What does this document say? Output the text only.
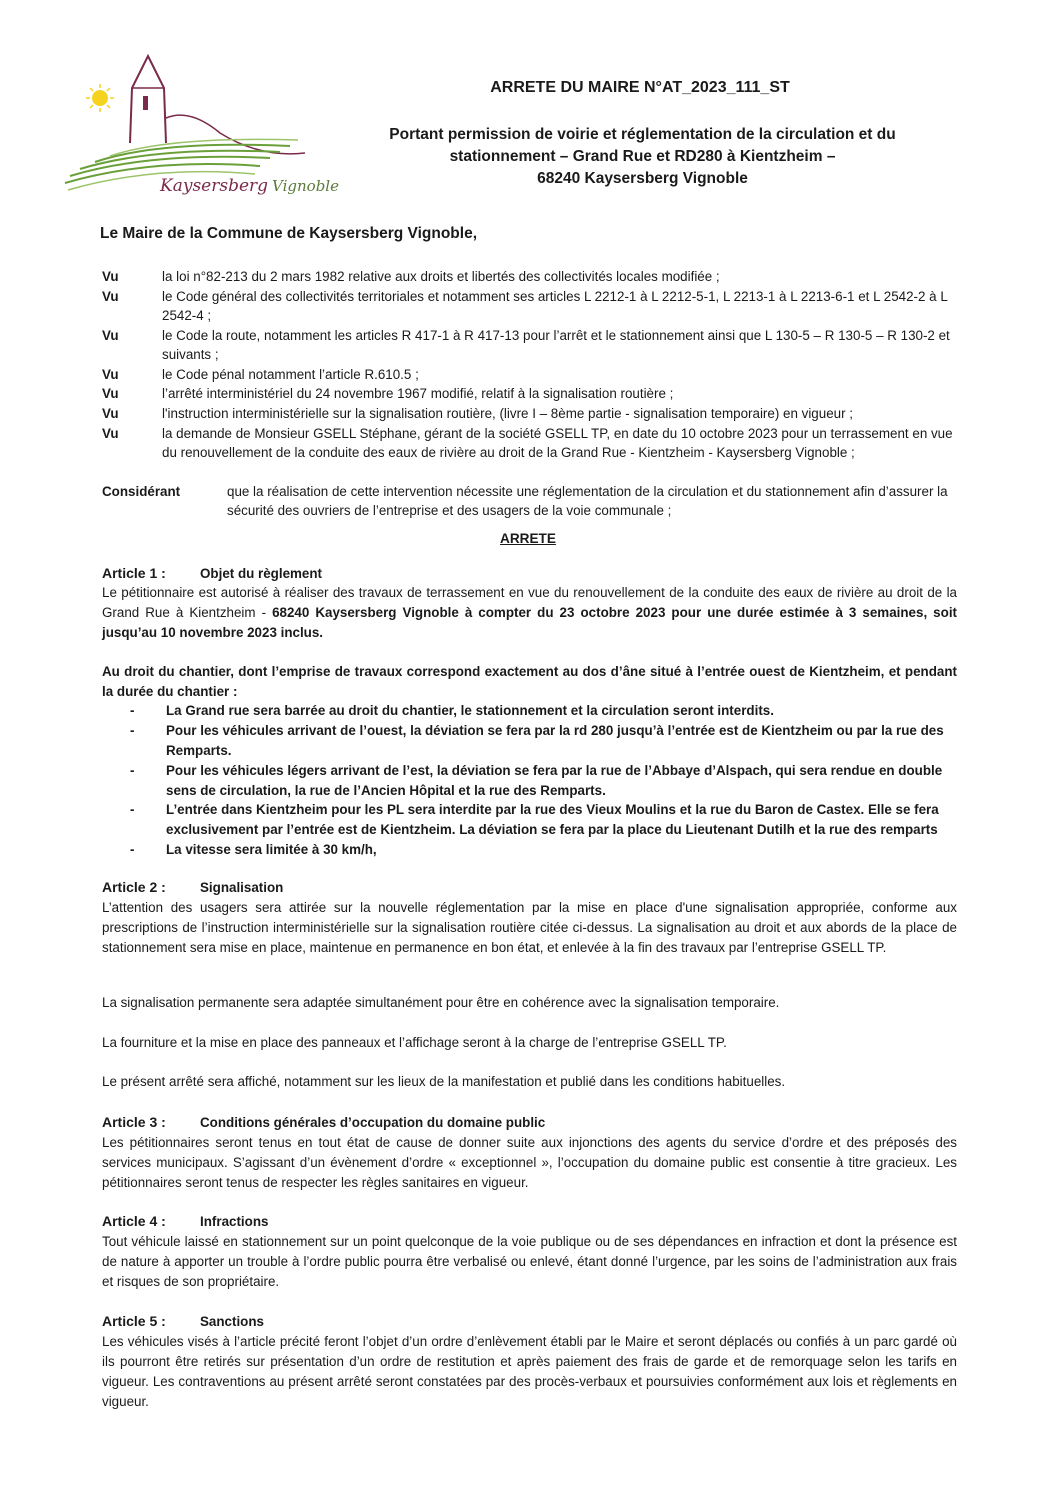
Kaysersberg Vignoble
ARRETE DU MAIRE N°AT_2023_111_ST
Portant permission de voirie et réglementation de la circulation et du
stationnement – Grand Rue et RD280 à Kientzheim –
68240 Kaysersberg Vignoble
Le Maire de la Commune de Kaysersberg Vignoble,
Vu	la loi n°82-213 du 2 mars 1982 relative aux droits et libertés des collectivités locales modifiée ;
Vu	le Code général des collectivités territoriales et notamment ses articles L 2212-1 à L 2212-5-1, L 2213-1 à L 2213-6-1 et L 2542-2 à L 2542-4 ;
Vu	le Code la route, notamment les articles R 417-1 à R 417-13 pour l’arrêt et le stationnement ainsi que L 130-5 – R 130-5 – R 130-2 et suivants ;
Vu	le Code pénal notamment l’article R.610.5 ;
Vu	l’arrêté interministériel du 24 novembre 1967 modifié, relatif à la signalisation routière ;
Vu	l'instruction interministérielle sur la signalisation routière, (livre I – 8ème partie - signalisation temporaire) en vigueur ;
Vu	la demande de Monsieur GSELL Stéphane, gérant de la société GSELL TP, en date du 10 octobre 2023 pour un terrassement en vue du renouvellement de la conduite des eaux de rivière au droit de la Grand Rue - Kientzheim - Kaysersberg Vignoble ;
Considérant	que la réalisation de cette intervention nécessite une réglementation de la circulation et du stationnement afin d’assurer la sécurité des ouvriers de l’entreprise et des usagers de la voie communale ;
ARRETE
Article 1 :	Objet du règlement
Le pétitionnaire est autorisé à réaliser des travaux de terrassement en vue du renouvellement de la conduite des eaux de rivière au droit de la Grand Rue à Kientzheim - 68240 Kaysersberg Vignoble à compter du 23 octobre 2023 pour une durée estimée à 3 semaines, soit jusqu’au 10 novembre 2023 inclus.
Au droit du chantier, dont l’emprise de travaux correspond exactement au dos d’âne situé à l’entrée ouest de Kientzheim, et pendant la durée du chantier :
- La Grand rue sera barrée au droit du chantier, le stationnement et la circulation seront interdits.
- Pour les véhicules arrivant de l’ouest, la déviation se fera par la rd 280 jusqu’à l’entrée est de Kientzheim ou par la rue des Remparts.
- Pour les véhicules légers arrivant de l’est, la déviation se fera par la rue de l’Abbaye d’Alspach, qui sera rendue en double sens de circulation, la rue de l’Ancien Hôpital et la rue des Remparts.
- L’entrée dans Kientzheim pour les PL sera interdite par la rue des Vieux Moulins et la rue du Baron de Castex. Elle se fera exclusivement par l’entrée est de Kientzheim. La déviation se fera par la place du Lieutenant Dutilh et la rue des remparts
- La vitesse sera limitée à 30 km/h,
Article 2 :	Signalisation
L’attention des usagers sera attirée sur la nouvelle réglementation par la mise en place d'une signalisation appropriée, conforme aux prescriptions de l’instruction interministérielle sur la signalisation routière citée ci-dessus. La signalisation au droit et aux abords de la place de stationnement sera mise en place, maintenue en permanence en bon état, et enlevée à la fin des travaux par l’entreprise GSELL TP.
La signalisation permanente sera adaptée simultanément pour être en cohérence avec la signalisation temporaire.
La fourniture et la mise en place des panneaux et l’affichage seront à la charge de l’entreprise GSELL TP.
Le présent arrêté sera affiché, notamment sur les lieux de la manifestation et publié dans les conditions habituelles.
Article 3 :	Conditions générales d’occupation du domaine public
Les pétitionnaires seront tenus en tout état de cause de donner suite aux injonctions des agents du service d’ordre et des préposés des services municipaux. S’agissant d’un évènement d’ordre « exceptionnel », l’occupation du domaine public est consentie à titre gracieux. Les pétitionnaires seront tenus de respecter les règles sanitaires en vigueur.
Article 4 :	Infractions
Tout véhicule laissé en stationnement sur un point quelconque de la voie publique ou de ses dépendances en infraction et dont la présence est de nature à apporter un trouble à l’ordre public pourra être verbalisé ou enlevé, étant donné l’urgence, par les soins de l’administration aux frais et risques de son propriétaire.
Article 5 :	Sanctions
Les véhicules visés à l’article précité feront l’objet d’un ordre d’enlèvement établi par le Maire et seront déplacés ou confiés à un parc gardé où ils pourront être retirés sur présentation d’un ordre de restitution et après paiement des frais de garde et de remorquage selon les tarifs en vigueur. Les contraventions au présent arrêté seront constatées par des procès-verbaux et poursuivies conformément aux lois et règlements en vigueur.
